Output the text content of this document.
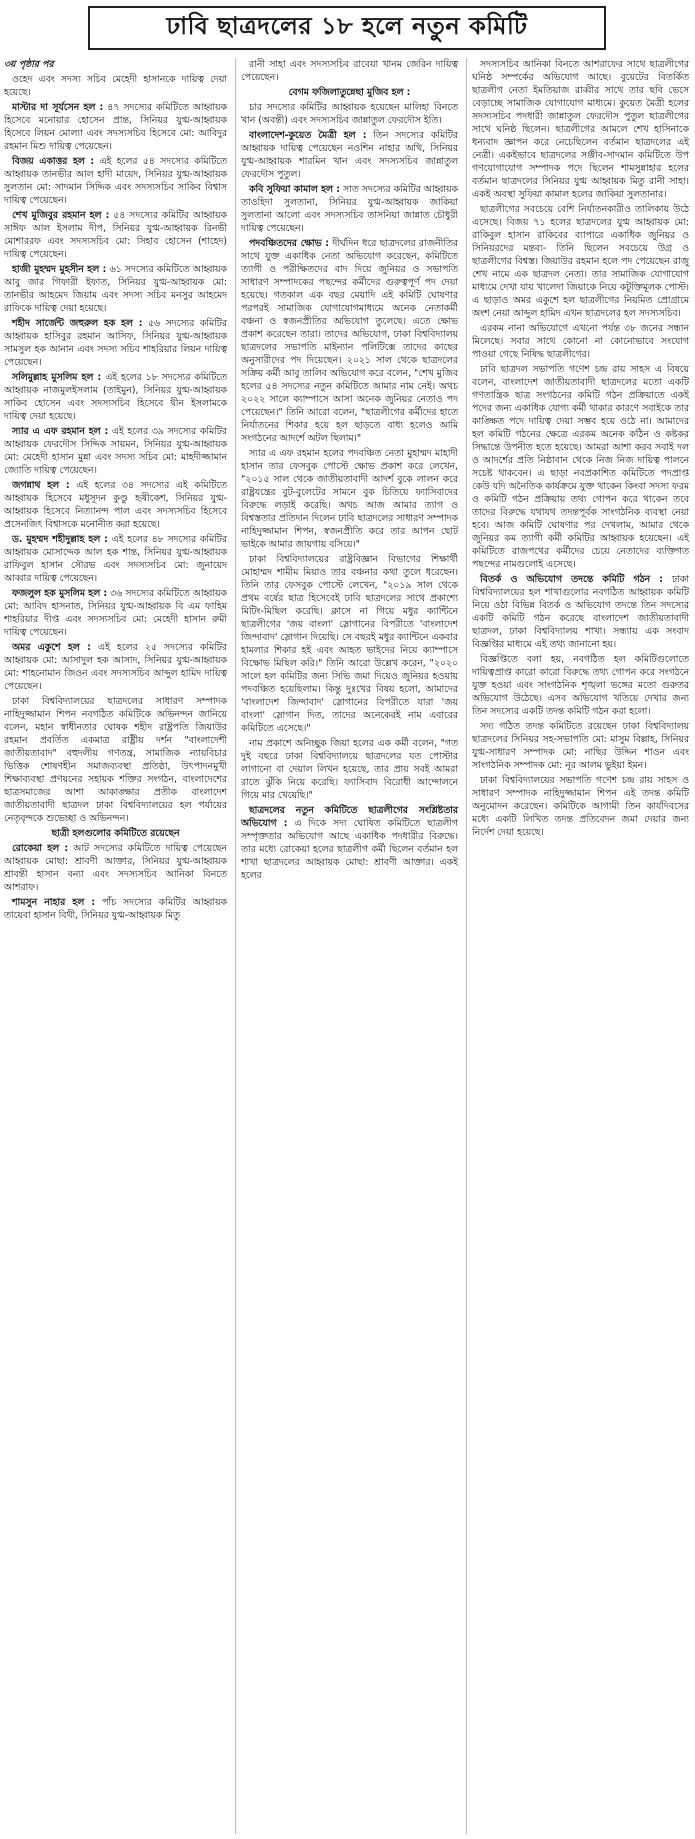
ঢাবি ছাত্রদলের ১৮ হলে নতুন কমিটি

৩য় পৃষ্ঠার পর

ওহেদ এবং সদস্য সচিব মেহেদী হাসানকে দায়িত্ব দেয়া হয়েছে।

মাস্টার দা সূর্যসেন হল : ৪৭ সদস্যের কমিটিতে আহ্বায়ক হিসেবে মনোয়ার হোসেন প্রান্ত, সিনিয়র যুগ্ম-আহ্বায়ক হিসেবে লিয়ন মোল্যা এবং সদস্যসচিব হিসেবে মো: আবিদুর রহমান মিশু দায়িত্ব পেয়েছেন।

বিজয় একাত্তর হল : এই হলের ৫৪ সদস্যের কমিটিতে আহ্বায়ক তানভীর আল হাদী মায়েদ, সিনিয়র যুগ্ম-আহ্বায়ক সুলতান মো: সাদমান সিদ্দিক এবং সদস্যসচিব সাকিব বিশ্বাস দায়িত্ব পেয়েছেন।

শেখ মুজিবুর রহমান হল : ৫৪ সদস্যের কমিটির আহ্বায়ক সাঈফ আল ইসলাম দীপ, সিনিয়র যুগ্ম-আহ্বায়ক রিনভী মোশাররফ এবং সদস্যসচিব মো: সিহাব হোসেন (শাহেদ) দায়িত্ব পেয়েছেন।

হাজী মুহম্মদ মুহসীন হল : ৬১ সদস্যের কমিটিতে আহ্বায়ক আবু জার গিফারী ইফাত, সিনিয়র যুগ্ম-আহ্বায়ক মো: তানভীর আহমেদ জিয়াম এবং সদস্য সচিব মনসুর আহমেদ রাফিকে দায়িত্ব দেয়া হয়েছে।

শহীদ সার্জেন্ট জহুরুল হক হল : ৫৬ সদস্যের কমিটির আহ্বায়ক হাসিবুর রহমান আসিফ, সিনিয়র যুগ্ম-আহ্বায়ক সামসুল হক আনান এবং সদস্য সচিব শাহরিয়ার লিয়ন দায়িত্ব পেয়েছেন।

সলিমুল্লাহ মুসলিম হল : এই হলের ১৮ সদস্যের কমিটিতে আহ্বায়ক নাজমুলইসলাম (তাইমুন), সিনিয়র যুগ্ম-আহ্বায়ক সাকিব হোসেন এবং সদস্যসচিব হিসেবে দ্বীন ইসলামকে দায়িত্ব দেয়া হয়েছে।

স্যার এ এফ রহমান হল : এই হলের ৩৯ সদস্যের কমিটির আহ্বায়ক ফেরদৌস সিদ্দিক সায়মন, সিনিয়র যুগ্ম-আহ্বায়ক মো: মেহেদী হাসান মুন্না এবং সদস্য সচিব মো: মাহদীজ্জামান জ্যোতি দায়িত্ব পেয়েছেন।

জগন্নাথ হল : এই হলের ৩৪ সদস্যের এই কমিটিতে আহ্বায়ক হিসেবে মধুসূদন কুণ্ডু হৃষীকেশ, সিনিয়র যুগ্ম-আহ্বায়ক হিসেবে নিত্যানন্দ পাল এবং সদস্যসচিব হিসেবে প্রসেনজিৎ বিশ্বাসকে মনোনীত করা হয়েছে।

ড. মুহম্মদ শহীদুল্লাহ হল : এই হলের ৪৮ সদস্যের কমিটির আহ্বায়ক মোসাদ্দেক আল হক শান্ত, সিনিয়র যুগ্ম-আহ্বায়ক রাফিবুল হাসান সৌরভ এবং সদস্যসচিব মো: জুনায়েদ আব্বার দায়িত্ব পেয়েছেন।

ফজলুল হক মুসলিম হল : ৩৬ সদস্যের কমিটিতে আহ্বায়ক মো: আবিদ হাসনাত, সিনিয়র যুগ্ম-আহ্বায়ক বি এম ফাহিম শাহরিয়ার দীপ্ত এবং সদস্যসচিব মো: মেহেদী হাসান রুমী দায়িত্ব পেয়েছেন।

অমর একুশে হল : এই হলের ২৫ সদস্যের কমিটির আহ্বায়ক মো: আসাদুল হক আসাদ, সিনিয়র যুগ্ম-আহ্বায়ক মো: শাহনোমান জিওন এবং সদস্যসচিব আব্দুল হামিদ দায়িত্ব পেয়েছেন।

ঢাকা বিশ্ববিদ্যালয়ের ছাত্রদলের সাধারণ সম্পাদক নাহিদুজ্জামান শিপন নবগঠিত কমিটিকে অভিনন্দন জানিয়ে বলেন, মহান স্বাধীনতার ঘোষক শহীদ রাষ্ট্রপতি জিয়াউর রহমান প্রবর্তিত একমাত্র রাষ্ট্রীয় দর্শন "বাংলাদেশী জাতীয়তাবাদ" বহুদলীয় গণতন্ত্র, সামাজিক ন্যায়বিচার ভিত্তিক শোষণহীন সমাজব্যবস্থা প্রতিষ্ঠা, উৎপাদনমুখী শিক্ষাব্যবস্থা প্রণয়নের সহায়ক শক্তির সংগঠন, বাংলাদেশের ছাত্রসমাজের আশা আকাঙ্ক্ষার প্রতীক বাংলাদেশ জাতীয়তাবাদী ছাত্রদল ঢাকা বিশ্ববিদ্যালয়ের হল পর্যায়ের নেতৃবৃন্দকে শুভেচ্ছা ও অভিনন্দন।

ছাত্রী হলগুলোর কমিটিতে রয়েছেন

রোকেয়া হল : আট সদস্যের কমিটিতে দায়িত্ব পেয়েছেন আহ্বায়ক মোছা: শ্রাবণী আক্তার, সিনিয়র যুগ্ম-আহ্বায়ক শ্রাবন্তী হাসান বন্যা এবং সদস্যসচিব আনিকা বিনতে আশরাফ।

শামসুন নাহার হল : পাঁচ সদস্যের কমিটির আহ্বায়ক তায়েবা হাসান বিথী, সিনিয়র যুগ্ম-আহ্বায়ক মিতু

রানী সাহা এবং সদস্যসচিব রাবেয়া খানম জেরিন দায়িত্ব পেয়েছেন।

বেগম ফজিলাতুন্নেছা মুজিব হল :

চার সদস্যের কমিটির আহ্বায়ক হয়েছেন মালিহা বিনতে খান (অবন্তী) এবং সদস্যসচিব জান্নাতুল ফেরদৌস ইতি।

বাংলাদেশ-কুয়েত মৈত্রী হল : তিন সদস্যের কমিটির আহ্বায়ক দায়িত্ব পেয়েছেন নওশিন নাহার অথি, সিনিয়র যুগ্ম-আহ্বায়ক শারমিন খান এবং সদস্যসচিব জান্নাতুল ফেরদৌস পুতুল।

কবি সুফিয়া কামাল হল : সাত সদস্যের কমিটির আহ্বায়ক তাওহিদা সুলতানা, সিনিয়র যুগ্ম-আহ্বায়ক জাকিয়া সুলতানা আলো এবং সদস্যসচিব তাসনিয়া জান্নাত চৌধুরী দায়িত্ব পেয়েছেন।

পদবঞ্চিতদের ক্ষোভ : দীর্ঘদিন ধরে ছাত্রদলের রাজনীতির সাথে যুক্ত একাধিক নেতা অভিযোগ করেছেন, কমিটিতে ত্যাগী ও পরীক্ষিতদের বাদ দিয়ে জুনিয়র ও সভাপতি সাধারণ সম্পাদকের পছন্দের কর্মীদের গুরুত্বপূর্ণ পদ দেয়া হয়েছে। গতকাল এক বছর মেয়াদি এই কমিটি ঘোষণার পরপরই সামাজিক যোগাযোগমাধ্যমে অনেক নেতাকর্মী বঞ্চনা ও স্বজনপ্রীতির অভিযোগ তুলেছে। এতে ক্ষোভ প্রকাশ করেছেন তারা। তাদের অভিযোগ, ঢাকা বিশ্ববিদ্যালয় ছাত্রদলের সভাপতি মাইন্যান পলিটিক্সে তাদের কাছের অনুসারীদের পদ দিয়েছেন। ২০২১ সাল থেকে ছাত্রদলের সক্রিয় কর্মী আবু তালিব অভিযোগ করে বলেন, "শেখ মুজিব হলের ৫৪ সদস্যের নতুন কমিটিতে আমার নাম নেই। অথচ ২০২২ সালে ক্যাম্পাসে আসা অনেক জুনিয়র নেতাও পদ পেয়েছেন।" তিনি আরো বলেন, "ছাত্রলীগের কর্মীদের হাতে নির্যাতনের শিকার হয়ে হল ছাড়তে বাধ্য হলেও আমি সংগঠনের আদর্শে অটল ছিলাম।"

স্যার এ এফ রহমান হলের পদবঞ্চিত নেতা মুহাম্মদ মাহাদী হাসান তার ফেসবুক পোস্টে ক্ষোভ প্রকাশ করে লেখেন, "২০১৫ সাল থেকে জাতীয়তাবাদী আদর্শ বুকে লালন করে রাষ্ট্রযন্ত্রের বুট-বুলেটের সামনে বুক চিতিয়ে ফ্যাসিবাদের বিরুদ্ধে লড়াই করেছি। অথচ আজ আমার ত্যাগ ও বিশ্বস্ততার প্রতিদান দিলেন ঢাবি ছাত্রদলের সাধারণ সম্পাদক নাহিদুজ্জামান শিপন, স্বজনপ্রীতি করে তার আপন ছোট ভাইকে আমার জায়গায় বসিয়ে।"

ঢাকা বিশ্ববিদ্যালয়ের রাষ্ট্রবিজ্ঞান বিভাগের শিক্ষার্থী মোহাম্মদ শামীম মিয়াও তার বঞ্চনার কথা তুলে ধরেছেন। তিনি তার ফেসবুক পোস্টে লেখেন, "২০১৯ সাল থেকে প্রথম বর্ষের ছাত্র হিসেবেই ঢাবি ছাত্রদলের সাথে প্রকাশ্যে মিটিং-মিছিল করেছি। ক্লাসে না গিয়ে মধুর ক্যান্টিনে ছাত্রলীগের 'জয় বাংলা' স্লোগানের বিপরীতে 'বাংলাদেশ জিন্দাবাদ' স্লোগান দিয়েছি। সে বছরই মধুর ক্যান্টিনে একবার হামলার শিকার হই এবং আহত ভাইদের নিয়ে ক্যাম্পাসে বিক্ষোভ মিছিল করি।" তিনি আরো উল্লেখ করেন, "২০২০ সালে হল কমিটির জন্য সিভি জমা দিয়েও জুনিয়র হওয়ায় পদবঞ্চিত হয়েছিলাম। কিন্তু দুঃখের বিষয় হলো, আমাদের 'বাংলাদেশ জিন্দাবাদ' স্লোগানের বিপরীতে যারা 'জয় বাংলা' স্লোগান দিত, তাদের অনেকেরই নাম এবারের কমিটিতে এসেছে।"

নাম প্রকাশে অনিচ্ছুক জিয়া হলের এক কর্মী বলেন, "গত দুই বছরে ঢাকা বিশ্ববিদ্যালয়ে ছাত্রদলের যত পোস্টার লাগানো বা দেয়াল লিখন হয়েছে, তার প্রায় সবই আমরা রাতে ঝুঁকি নিয়ে করেছি। ফ্যাসিবাদ বিরোধী আন্দোলনে গিয়ে মার খেয়েছি।"

ছাত্রদলের নতুন কমিটিতে ছাত্রলীগের সংশ্লিষ্টতার অভিযোগ : এ দিকে সদ্য ঘোষিত কমিটিতে ছাত্রলীগ সম্পৃক্ততার অভিযোগ আছে একাধিক পদধারীর বিরুদ্ধে। তার মধ্যে রোকেয়া হলের ছাত্রলীগ কর্মী ছিলেন বর্তমান হল শাখা ছাত্রদলের আহ্বায়ক মোছা: শ্রাবণী আক্তার। একই হলের

সদস্যসচিব আনিকা বিনতে আশরাফের সাথে ছাত্রলীগের ঘনিষ্ঠ সম্পর্কের অভিযোগ আছে। বুয়েটের বিতর্কিত ছাত্রলীগ নেতা ইমতিয়াজ রাব্বীর সাথে তার ছবি ভেসে বেড়াচ্ছে সামাজিক যোগাযোগ মাধ্যমে। কুয়েত মৈত্রী হলের সদস্যসচিব পদধারী জান্নাতুল ফেরদৌস পুতুল ছাত্রলীগের সাথে ঘনিষ্ঠ ছিলেন। ছাত্রলীগের আমলে শেখ হাসিনাকে ধন্যবাদ জ্ঞাপন করে নেচেছিলেন বর্তমান ছাত্রদলের এই নেত্রী। একইভাবে ছাত্রদলের সঞ্জীব-সাদমান কমিটিতে উপ গণযোগাযোগ সম্পাদক পদে ছিলেন শামসুন্নাহার হলের বর্তমান ছাত্রদলের সিনিয়র যুগ্ম আহ্বায়ক মিতু রানী সাহা। একই অবস্থা সুফিয়া কামাল হলের জাকিয়া সুলতানার।

ছাত্রলীগের সবচেয়ে বেশি নির্যাতনকারীও তালিকায় উঠে এসেছে। বিজয় ৭১ হলের ছাত্রদলের যুগ্ম আহ্বায়ক মো: রাকিবুল হাসান রাকিবের ব্যাপারে একাধিক জুনিয়র ও সিনিয়রদের মন্তব্য- তিনি ছিলেন সবচেয়ে উগ্র ও ছাত্রলীগের বিশ্বস্ত। জিয়াউর রহমান হলে পদ পেয়েছেন রাজু শেখ নামে এক ছাত্রদল নেতা। তার সামাজিক যোগাযোগ মাধ্যমে দেখা যায় খালেদা জিয়াকে নিয়ে কটূক্তিমূলক পোস্ট। এ ছাড়াও অমর একুশে হল ছাত্রলীগের নিয়মিত প্রোগ্রামে অংশ নেয়া আব্দুল হামিদ এখন ছাত্রদলের হল সদস্যসচিব।

এরকম নানা অভিযোগে এখনো পর্যন্ত ৩৮ জনের সন্ধান মিলেছে। সবার সাথে কোনো না কোনোভাবে সংযোগ পাওয়া গেছে নিষিদ্ধ ছাত্রলীগের।

ঢাবি ছাত্রদল সভাপতি গণেশ চন্দ্র রায় সাহস এ বিষয়ে বলেন, বাংলাদেশ জাতীয়তাবাদী ছাত্রদলের মতো একটি গণতান্ত্রিক ছাত্র সংগঠনের কমিটি গঠন প্রক্রিয়াতে একই পদের জন্য একাধিক যোগ্য কর্মী থাকার কারণে সবাইকে তার কাঙ্ক্ষিত পদে দায়িত্ব দেয়া সম্ভব হয়ে ওঠে না। আমাদের হল কমিটি গঠনের ক্ষেত্রে এরকম অনেক কঠিন ও কষ্টকর সিদ্ধান্তে উপনীত হতে হয়েছে। আমরা আশা করব সবাই দল ও আদর্শের প্রতি নিষ্ঠাবান থেকে নিজ নিজ দায়িত্ব পালনে সচেষ্ট থাকবেন। এ ছাড়া নবপ্রকাশিত কমিটিতে পদপ্রাপ্ত কেউ যদি অনৈতিক কার্যক্রমে যুক্ত থাকেন কিংবা সদস্য ফরম ও কমিটি গঠন প্রক্রিয়ায় তথ্য গোপন করে থাকেন তবে তাদের বিরুদ্ধে যথাযথ তদন্তপূর্বক সাংগঠনিক ব্যবস্থা নেয়া হবে। আজ কমিটি ঘোষণার পর দেখলাম, আমার থেকে জুনিয়র কম ত্যাগী কর্মী কমিটির আহ্বায়ক হয়েছেন। এই কমিটিতে রাজপথের কর্মীদের চেয়ে নেতাদের ব্যক্তিগত পছন্দের নামগুলোই এসেছে।

বিতর্ক ও অভিযোগ তদন্তে কমিটি গঠন : ঢাকা বিশ্ববিদ্যালয়ের হল শাখাগুলোর নবগঠিত আহ্বায়ক কমিটি নিয়ে ওঠা বিভিন্ন বিতর্ক ও অভিযোগ তদন্তে তিন সদস্যের একটি কমিটি গঠন করেছে বাংলাদেশ জাতীয়তাবাদী ছাত্রদল, ঢাকা বিশ্ববিদ্যালয় শাখা। সন্ধ্যায় এক সংবাদ বিজ্ঞপ্তির মাধ্যমে এই তথ্য জানানো হয়।

বিজ্ঞপ্তিতে বলা হয়, নবগঠিত হল কমিটিগুলোতে দায়িত্বপ্রাপ্ত কারো কারো বিরুদ্ধে তথ্য গোপন করে সংগঠনে যুক্ত হওয়া এবং সাংগঠনিক শৃঙ্খলা ভঙ্গের মতো গুরুতর অভিযোগ উঠেছে। এসব অভিযোগ খতিয়ে দেখার জন্য তিন সদস্যের একটি তদন্ত কমিটি গঠন করা হলো।

সদ্য গঠিত তদন্ত কমিটিতে রয়েছেন ঢাকা বিশ্ববিদ্যালয় ছাত্রদলের সিনিয়র সহ-সভাপতি মো: মাসুম বিল্লাহ, সিনিয়র যুগ্ম-সাধারণ সম্পাদক মো: নাছির উদ্দিন শাওন এবং সাংগঠনিক সম্পাদক মো: নূর আলম ভুইয়া ইমন।

ঢাকা বিশ্ববিদ্যালয়ের সভাপতি গণেশ চন্দ্র রায় সাহস ও সাধারণ সম্পাদক নাহিদুজ্জামান শিপন এই তদন্ত কমিটি অনুমোদন করেছেন। কমিটিকে আগামী তিন কার্যদিবসের মধ্যে একটি লিখিত তদন্ত প্রতিবেদন জমা দেয়ার জন্য নির্দেশ দেয়া হয়েছে।
